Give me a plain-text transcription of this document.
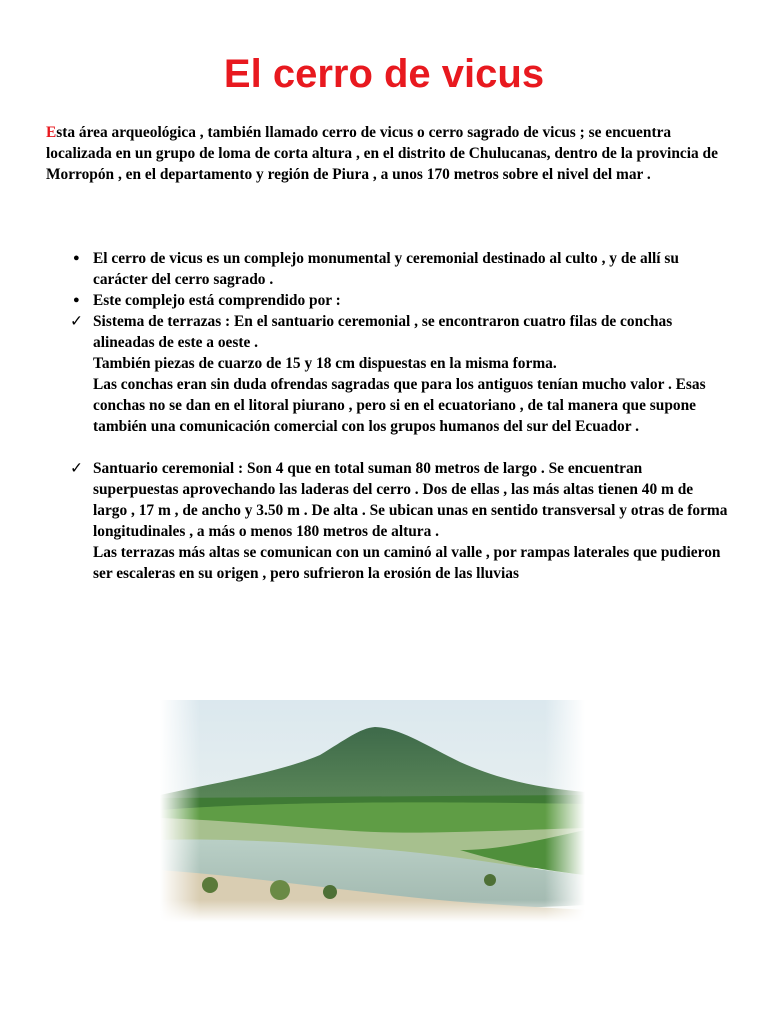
El cerro de vicus

Esta área arqueológica , también llamado cerro de vicus o cerro sagrado de vicus ; se encuentra localizada en un grupo de loma de corta altura , en el distrito de Chulucanas, dentro de la provincia de Morropón , en el departamento y región de Piura , a unos 170 metros sobre el nivel del mar .

● El cerro de vicus es un complejo monumental y ceremonial destinado al culto , y de allí su carácter del cerro sagrado .
● Este complejo está comprendido por :
✓ Sistema de terrazas : En el santuario ceremonial , se encontraron cuatro filas de conchas alineadas de este a oeste .
También piezas de cuarzo de 15 y 18 cm dispuestas en la misma forma.
Las conchas eran sin duda ofrendas sagradas que para los antiguos tenían mucho valor . Esas conchas no se dan en el litoral piurano , pero si en el ecuatoriano , de tal manera que supone también una comunicación comercial con los grupos humanos del sur del Ecuador .
✓ Santuario ceremonial : Son 4 que en total suman 80 metros de largo . Se encuentran superpuestas aprovechando las laderas del cerro . Dos de ellas , las más altas tienen 40 m de largo , 17 m , de ancho y 3.50 m . De alta . Se ubican unas en sentido transversal y otras de forma longitudinales , a más o menos 180 metros de altura .
Las terrazas más altas se comunican con un caminó al valle , por rampas laterales que pudieron ser escaleras en su origen , pero sufrieron la erosión de las lluvias
